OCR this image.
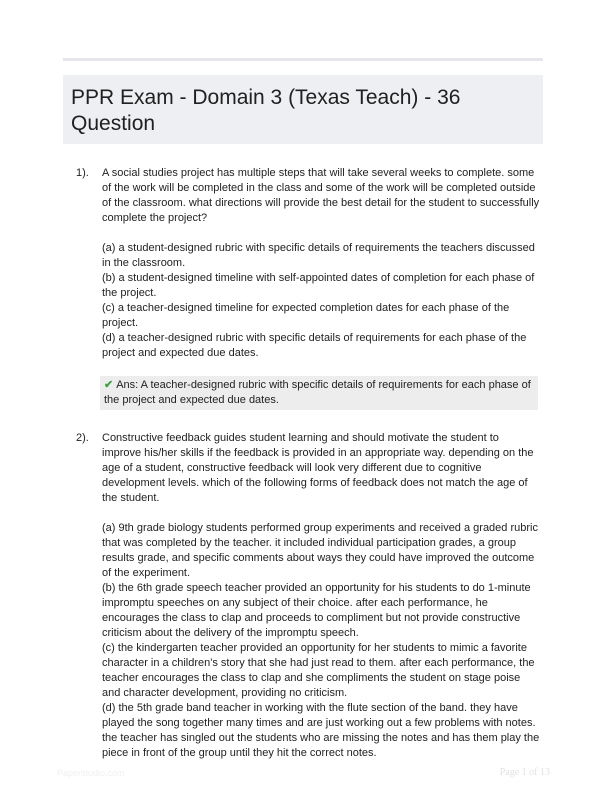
PPR Exam - Domain 3 (Texas Teach) - 36
Question
1). A social studies project has multiple steps that will take several weeks to complete. some of the work will be completed in the class and some of the work will be completed outside of the classroom. what directions will provide the best detail for the student to successfully complete the project?

(a) a student-designed rubric with specific details of requirements the teachers discussed in the classroom.

(b) a student-designed timeline with self-appointed dates of completion for each phase of the project.

(c) a teacher-designed timeline for expected completion dates for each phase of the project.

(d) a teacher-designed rubric with specific details of requirements for each phase of the project and expected due dates.

✔ Ans: A teacher-designed rubric with specific details of requirements for each phase of the project and expected due dates.
2). Constructive feedback guides student learning and should motivate the student to improve his/her skills if the feedback is provided in an appropriate way. depending on the age of a student, constructive feedback will look very different due to cognitive development levels. which of the following forms of feedback does not match the age of the student.

(a) 9th grade biology students performed group experiments and received a graded rubric that was completed by the teacher. it included individual participation grades, a group results grade, and specific comments about ways they could have improved the outcome of the experiment.

(b) the 6th grade speech teacher provided an opportunity for his students to do 1-minute impromptu speeches on any subject of their choice. after each performance, he encourages the class to clap and proceeds to compliment but not provide constructive criticism about the delivery of the impromptu speech.

(c) the kindergarten teacher provided an opportunity for her students to mimic a favorite character in a children's story that she had just read to them. after each performance, the teacher encourages the class to clap and she compliments the student on stage poise and character development, providing no criticism.

(d) the 5th grade band teacher in working with the flute section of the band. they have played the song together many times and are just working out a few problems with notes. the teacher has singled out the students who are missing the notes and has them play the piece in front of the group until they hit the correct notes.

Paperstudio.com	Page 1 of 13
